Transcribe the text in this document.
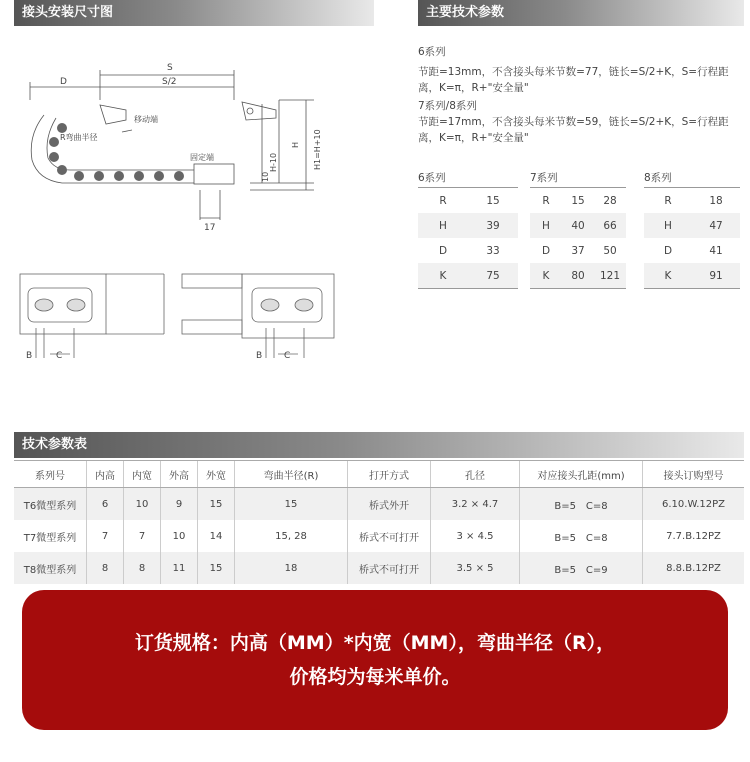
接头安装尺寸图	主要技术参数
S
S/2
D
移动端
R弯曲半径
固定端	H-10
H H1=H+10
10
17
B	C	B C
6系列
节距=13mm，不含接头每米节数=77，链长=S/2+K，S=行程距离，K=π，R+"安全量"
7系列/8系列
节距=17mm，不含接头每米节数=59，链长=S/2+K，S=行程距离，K=π，R+"安全量"
6系列
R	15
H	39
D	33
K	75
7系列
R	15	28
H	40	66
D	37	50
K	80	121
8系列
R	18
H	47
D	41
K	91
技术参数表
系列号	内高	内宽	外高	外宽	弯曲半径(R)	打开方式	孔径	对应接头孔距(mm)	接头订购型号
T6微型系列	6	10	9	15	15	桥式外开	3.2 × 4.7	B=5　C=8	6.10.W.12PZ
T7微型系列	7	7	10	14	15, 28	桥式不可打开	3 × 4.5	B=5　C=8	7.7.B.12PZ
T8微型系列	8	8	11	15	18	桥式不可打开	3.5 × 5	B=5　C=9	8.8.B.12PZ
订货规格：内高（MM）*内宽（MM），弯曲半径（R），
价格均为每米单价。
